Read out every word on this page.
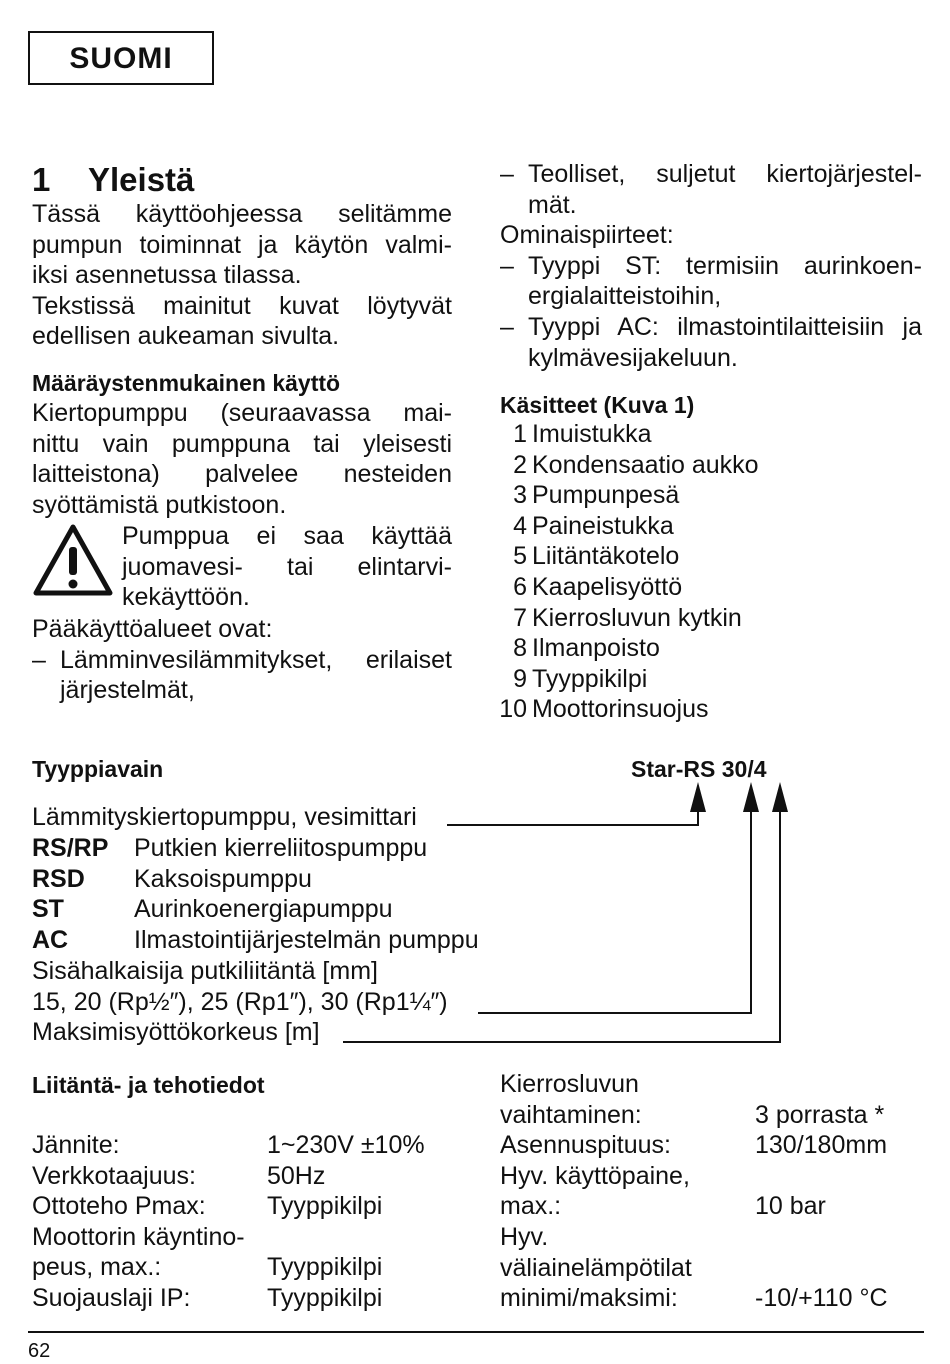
SUOMI
1 Yleistä
Tässä käyttöohjeessa selitämme
pumpun toiminnat ja käytön valmi-
iksi asennetussa tilassa.
Tekstissä mainitut kuvat löytyvät
edellisen aukeaman sivulta.
Määräystenmukainen käyttö
Kiertopumppu (seuraavassa mai-
nittu vain pumppuna tai yleisesti
laitteistona) palvelee nesteiden
syöttämistä putkistoon.
Pumppua ei saa käyttää
juomavesi- tai elintarvi-
kekäyttöön.
Pääkäyttöalueet ovat:
– Lämminvesilämmitykset, erilaiset
järjestelmät,
– Teolliset, suljetut kiertojärjestel-
mät.
Ominaispiirteet:
– Tyyppi ST: termisiin aurinkoen-
ergialaitteistoihin,
– Tyyppi AC: ilmastointilaitteisiin ja
kylmävesijakeluun.
Käsitteet (Kuva 1)
1 Imuistukka
2 Kondensaatio aukko
3 Pumpunpesä
4 Paineistukka
5 Liitäntäkotelo
6 Kaapelisyöttö
7 Kierrosluvun kytkin
8 Ilmanpoisto
9 Tyyppikilpi
10 Moottorinsuojus
Tyyppiavain	Star-RS 30/4
Lämmityskiertopumppu, vesimittari
RS/RP Putkien kierreliitospumppu
RSD Kaksoispumppu
ST	Aurinkoenergiapumppu
AC	Ilmastointijärjestelmän pumppu
Sisähalkaisija putkiliitäntä [mm]
15, 20 (Rp½″), 25 (Rp1″), 30 (Rp1¼″)
Maksimisyöttökorkeus [m]
Liitäntä- ja tehotiedot
Jännite:	1~230V ±10%
Verkkotaajuus:	50Hz
Ottoteho Pmax: Tyyppikilpi
Moottorin käyntino-
peus, max.:	Tyyppikilpi
Suojauslaji IP:	Tyyppikilpi
Kierrosluvun
vaihtaminen:	3 porrasta *
Asennuspituus:	130/180mm
Hyv. käyttöpaine,
max.:	10 bar
Hyv.
väliainelämpötilat
minimi/maksimi:	-10/+110 °C
62
